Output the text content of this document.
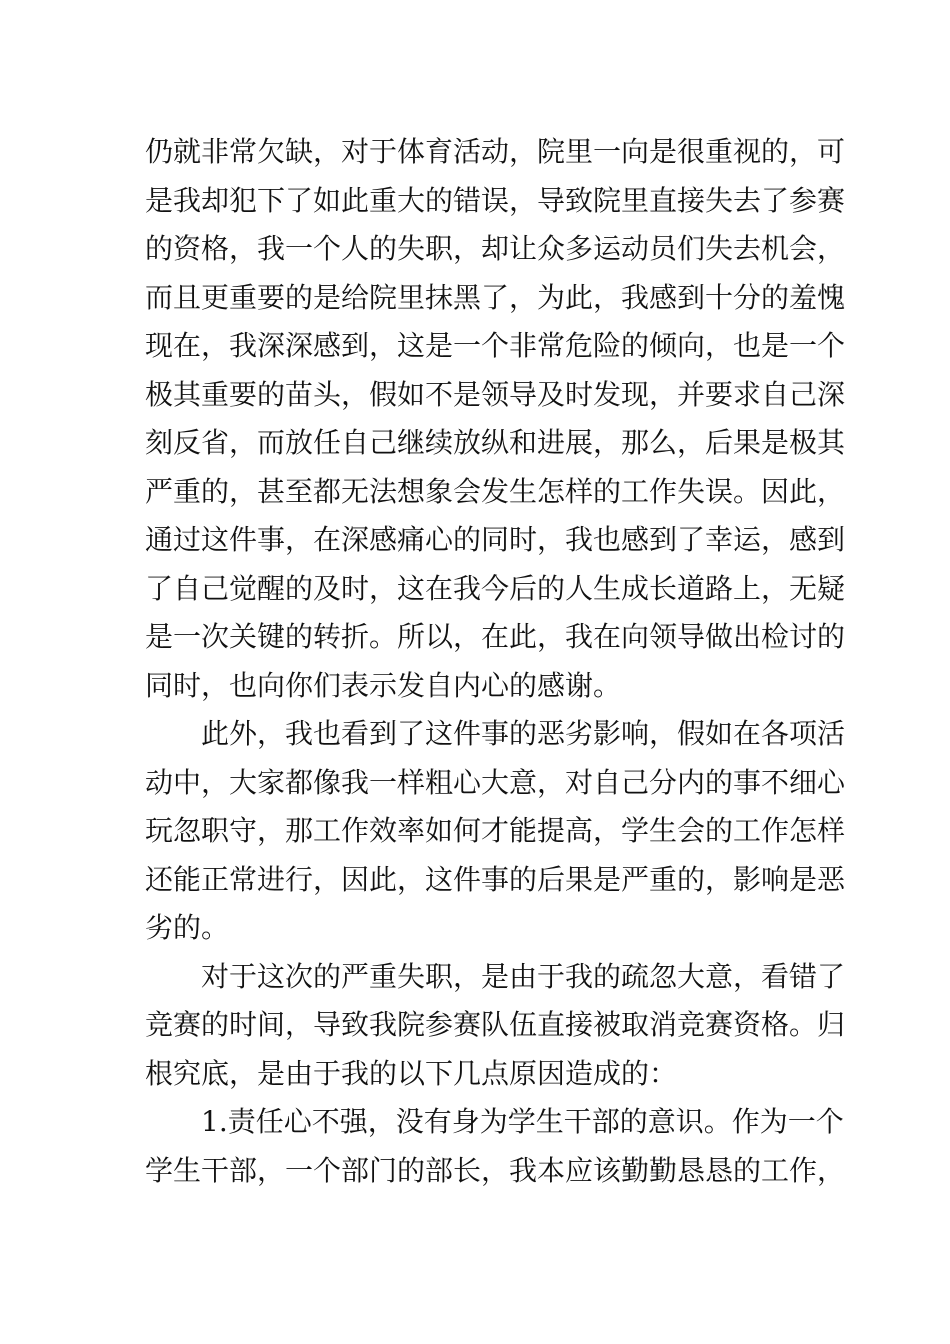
仍就非常欠缺，对于体育活动，院里一向是很重视的，可
是我却犯下了如此重大的错误，导致院里直接失去了参赛
的资格，我一个人的失职，却让众多运动员们失去机会，
而且更重要的是给院里抹黑了，为此，我感到十分的羞愧
现在，我深深感到，这是一个非常危险的倾向，也是一个
极其重要的苗头，假如不是领导及时发现，并要求自己深
刻反省，而放任自己继续放纵和进展，那么，后果是极其
严重的，甚至都无法想象会发生怎样的工作失误。因此，
通过这件事，在深感痛心的同时，我也感到了幸运，感到
了自己觉醒的及时，这在我今后的人生成长道路上，无疑
是一次关键的转折。所以，在此，我在向领导做出检讨的
同时，也向你们表示发自内心的感谢。
此外，我也看到了这件事的恶劣影响，假如在各项活
动中，大家都像我一样粗心大意，对自己分内的事不细心
玩忽职守，那工作效率如何才能提高，学生会的工作怎样
还能正常进行，因此，这件事的后果是严重的，影响是恶
劣的。
对于这次的严重失职，是由于我的疏忽大意，看错了
竞赛的时间，导致我院参赛队伍直接被取消竞赛资格。归
根究底，是由于我的以下几点原因造成的：
1.责任心不强，没有身为学生干部的意识。作为一个
学生干部，一个部门的部长，我本应该勤勤恳恳的工作，
